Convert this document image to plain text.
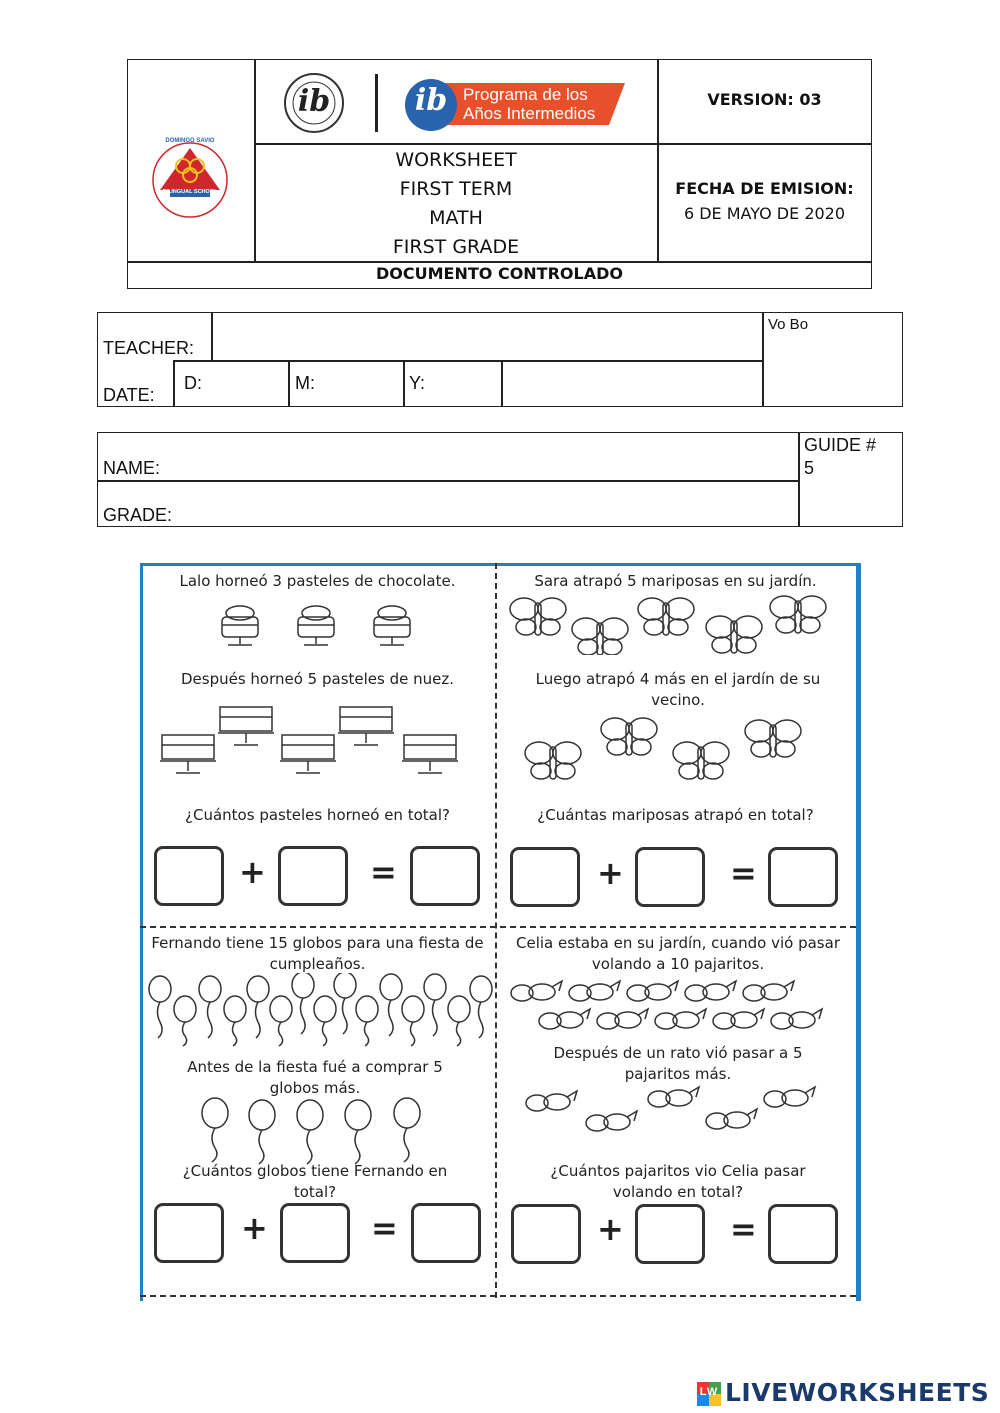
DOMINGO SAVIO
BILINGUAL SCHOOL
ib	ib Programa de los
Años Intermedios
VERSION: 03
WORKSHEET
FIRST TERM
MATH
FIRST GRADE
FECHA DE EMISION:
6 DE MAYO DE 2020
DOCUMENTO CONTROLADO
TEACHER:
Vo Bo
DATE:
D:	M:	Y:
NAME:
GRADE:
GUIDE #
5
Lalo horneó 3 pasteles de chocolate.
Después horneó 5 pasteles de nuez.
¿Cuántos pasteles horneó en total?
+	=
Sara atrapó 5 mariposas en su jardín.
Luego atrapó 4 más en el jardín de su vecino.
¿Cuántas mariposas atrapó en total?
+	=
Fernando tiene 15 globos para una fiesta de cumpleaños.
Antes de la fiesta fué a comprar 5 globos más.
¿Cuántos globos tiene Fernando en total?
+	=
Celia estaba en su jardín, cuando vió pasar volando a 10 pajaritos.
Después de un rato vió pasar a 5 pajaritos más.
¿Cuántos pajaritos vio Celia pasar volando en total?
+	=
LW LIVEWORKSHEETS
